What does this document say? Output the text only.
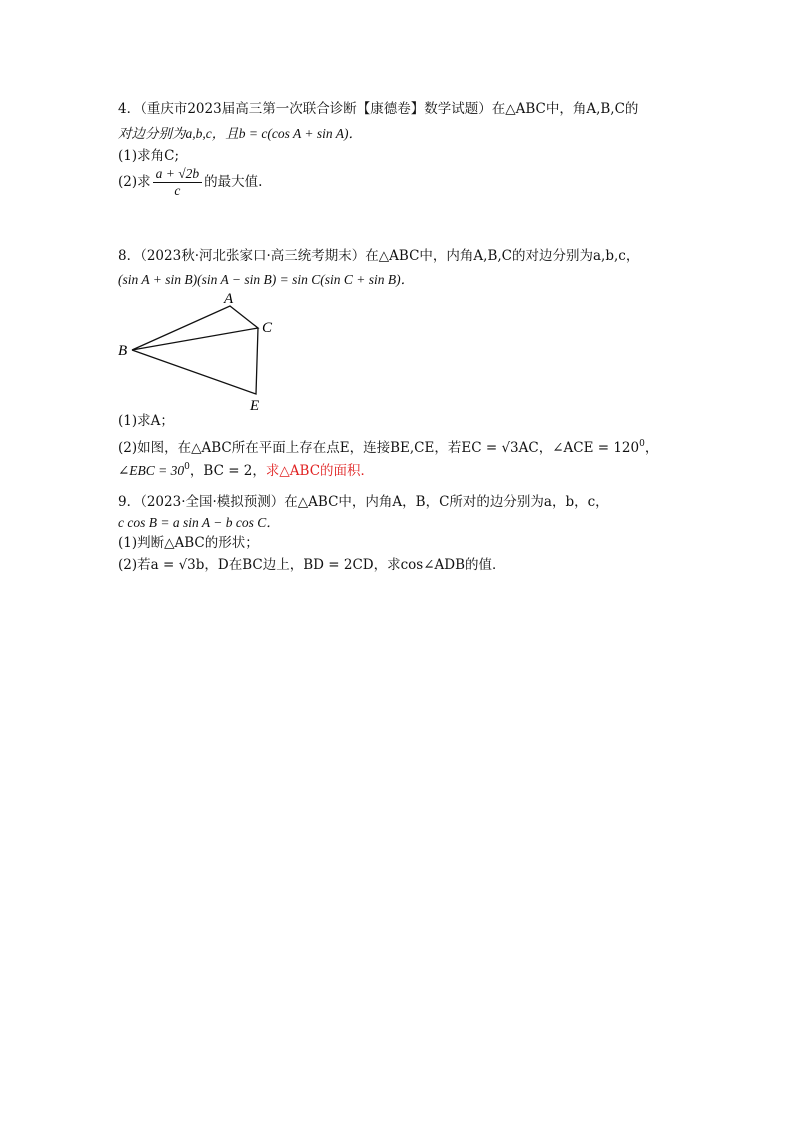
4．（重庆市2023届高三第一次联合诊断【康德卷】数学试题）在△ABC中，角A,B,C的
对边分别为a,b,c，且b = c(cos A + sin A)．
(1)求角C;
(2)求 $\frac{a + √2b}{c}$ 的最大值.
8．（2023秋·河北张家口·高三统考期末）在△ABC中，内角A,B,C的对边分别为a,b,c，
(sin A + sin B)(sin A − sin B) = sin C(sin C + sin B)．
A
C
B
E
(1)求A；
(2)如图，在△ABC所在平面上存在点E，连接BE,CE，若EC = √3AC，∠ACE = $120^0$，
∠EBC = $30^0$，BC = 2，求△ABC的面积．
9．（2023·全国·模拟预测）在△ABC中，内角A，B，C所对的边分别为a，b，c，
c cos B = a sin A − b cos C．
(1)判断△ABC的形状；
(2)若a = √3b，D在BC边上，BD = 2CD，求cos∠ADB的值．
